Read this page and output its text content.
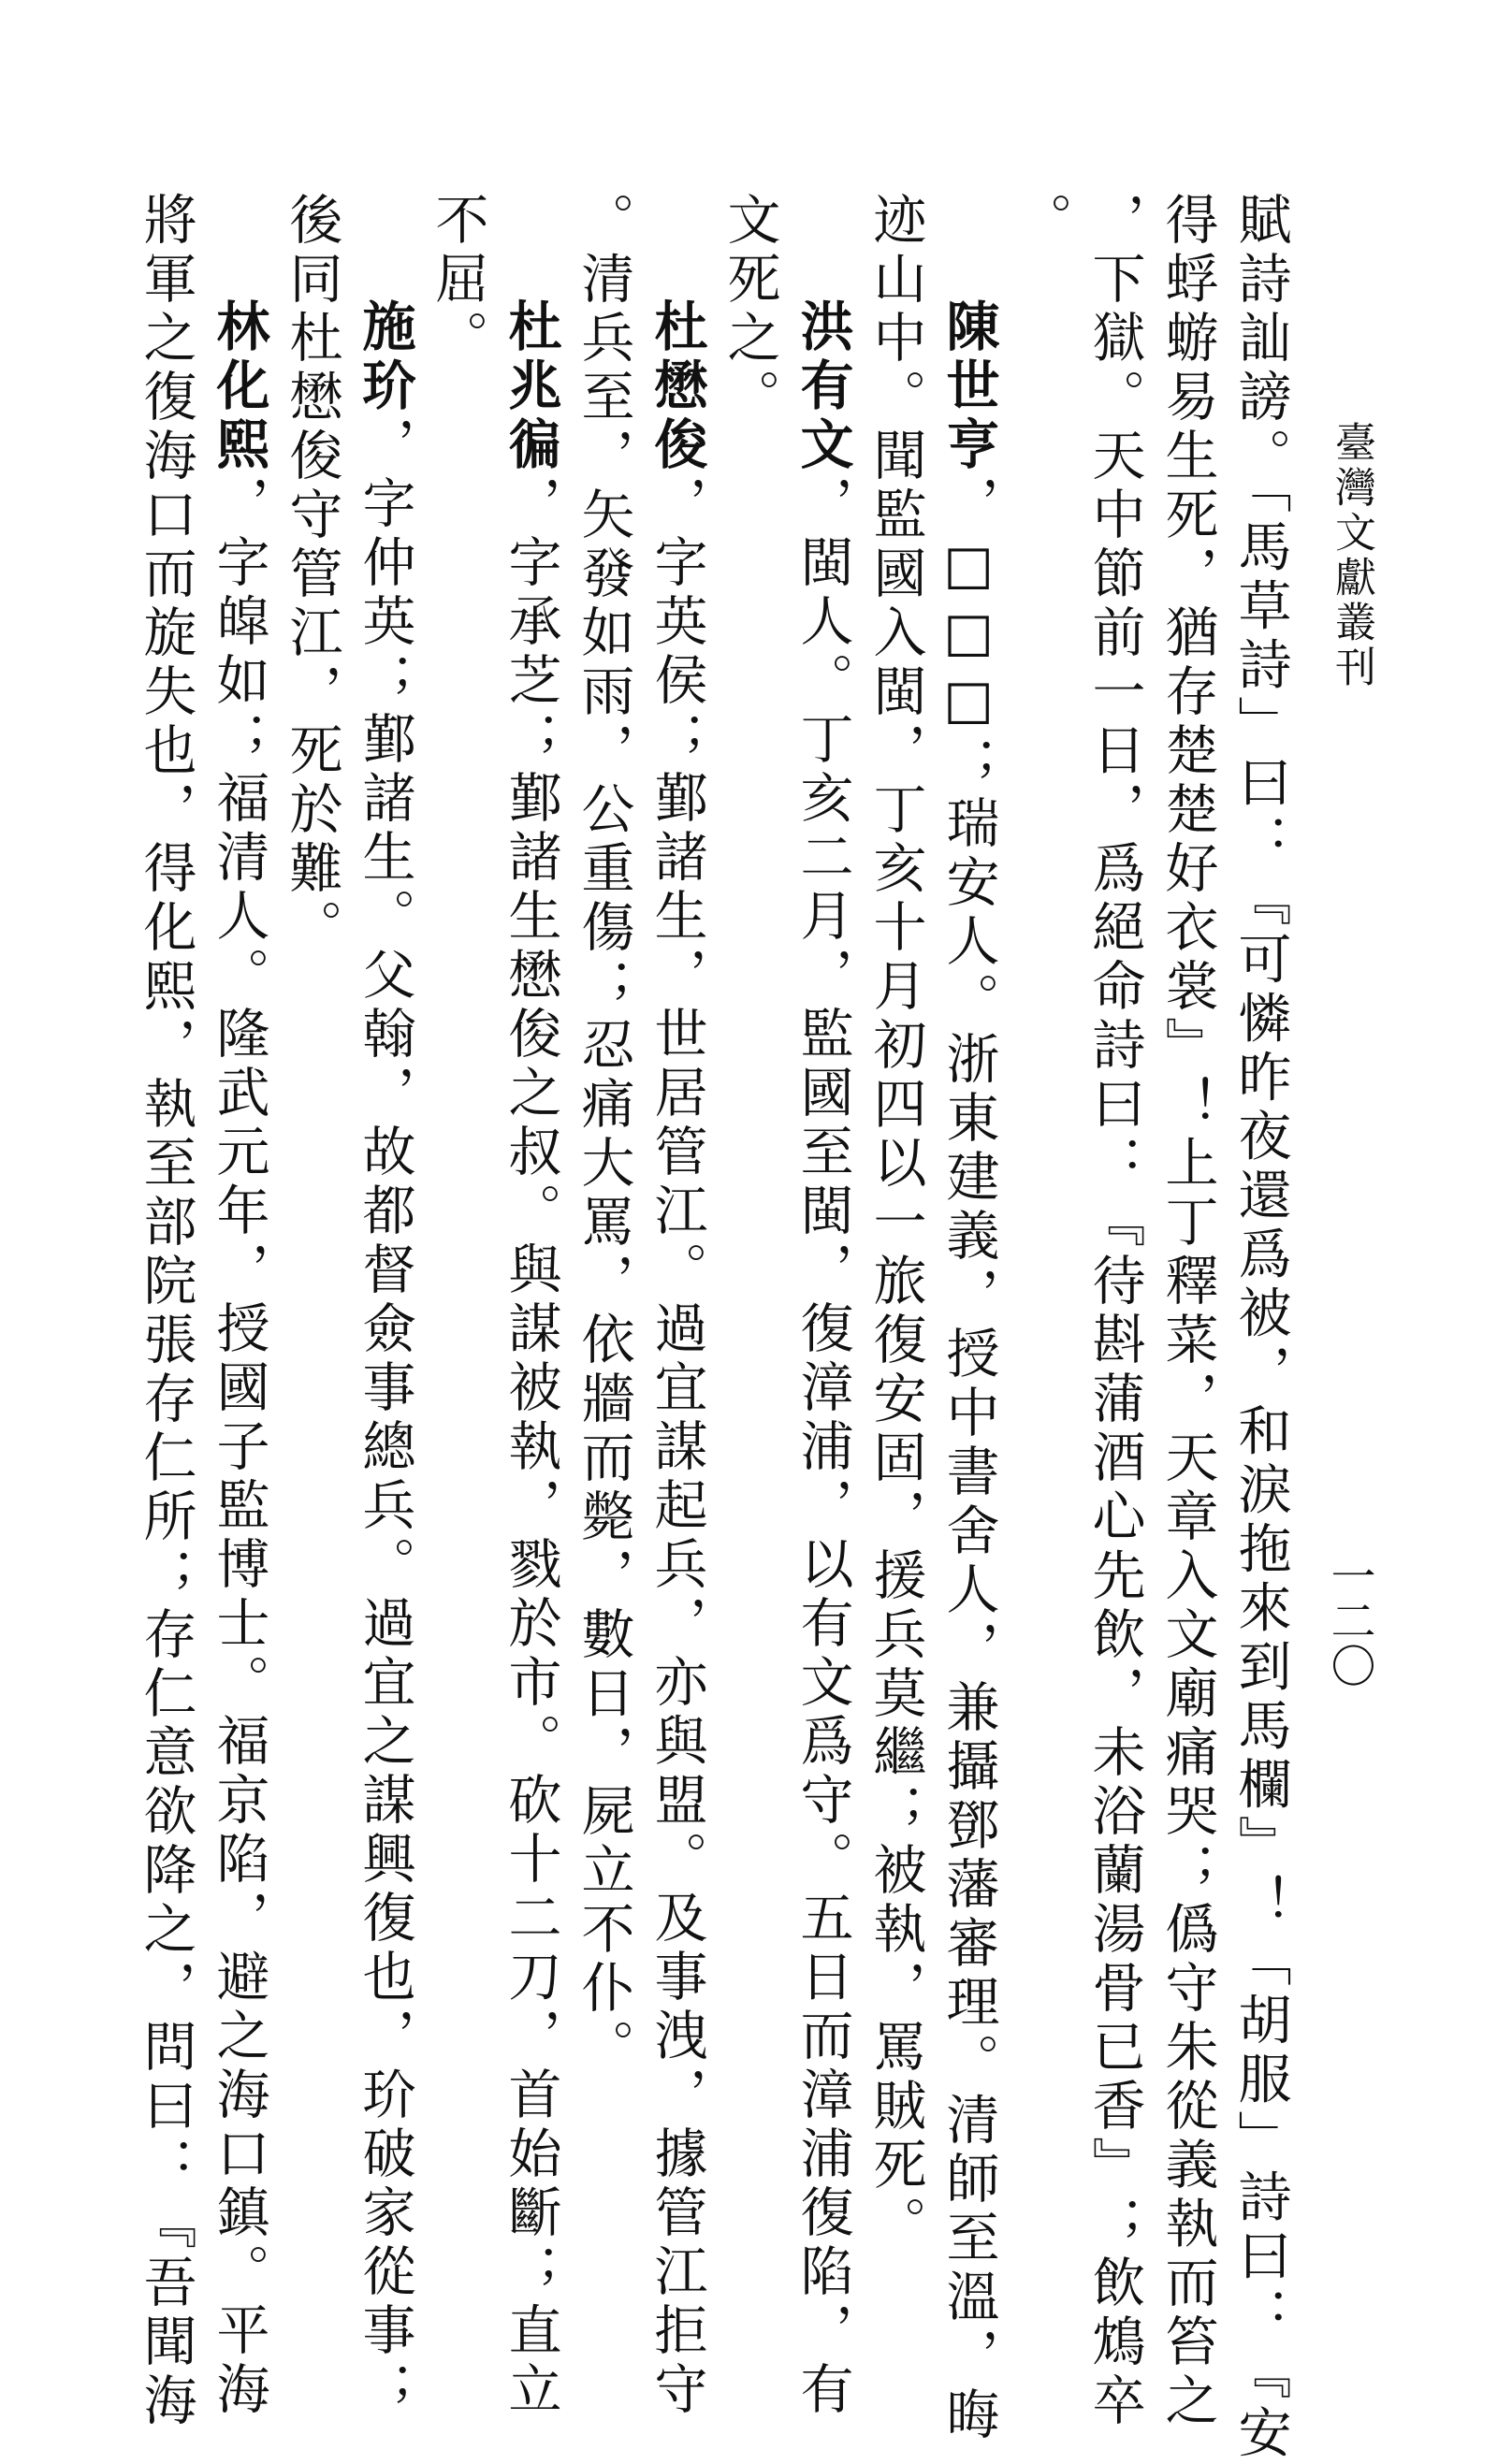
臺灣文獻叢刊
一二〇

賦詩訕謗。「馬草詩」曰：『可憐昨夜還爲被，和淚拖來到馬欄』！「胡服」詩曰：『安

得蜉蝣易生死，猶存楚楚好衣裳』！上丁釋菜，天章入文廟痛哭；僞守朱從義執而笞之

，下獄。天中節前一日，爲絕命詩曰：『待斟蒲酒心先飲，未浴蘭湯骨已香』；飲鴆卒

。

陳世亨，□□□；瑞安人。浙東建義，授中書舍人，兼攝鄧藩審理。清師至溫，晦

迹山中。聞監國入閩，丁亥十月初四以一旅復安固，援兵莫繼；被執，罵賊死。

洪有文，閩人。丁亥二月，監國至閩，復漳浦，以有文爲守。五日而漳浦復陷，有

文死之。

杜懋俊，字英侯；鄞諸生，世居管江。過宜謀起兵，亦與盟。及事洩，據管江拒守

。清兵至，矢發如雨，公重傷；忍痛大罵，依牆而斃，數日，屍立不仆。

杜兆徧，字承芝；鄞諸生懋俊之叔。與謀被執，戮於市。砍十二刀，首始斷；直立

不屈。

施玠，字仲英；鄞諸生。父翰，故都督僉事總兵。過宜之謀興復也，玠破家從事；

後同杜懋俊守管江，死於難。

林化熙，字皡如；福清人。隆武元年，授國子監博士。福京陷，避之海口鎮。平海

將軍之復海口而旋失也，得化熙，執至部院張存仁所；存仁意欲降之，問曰：『吾聞海
